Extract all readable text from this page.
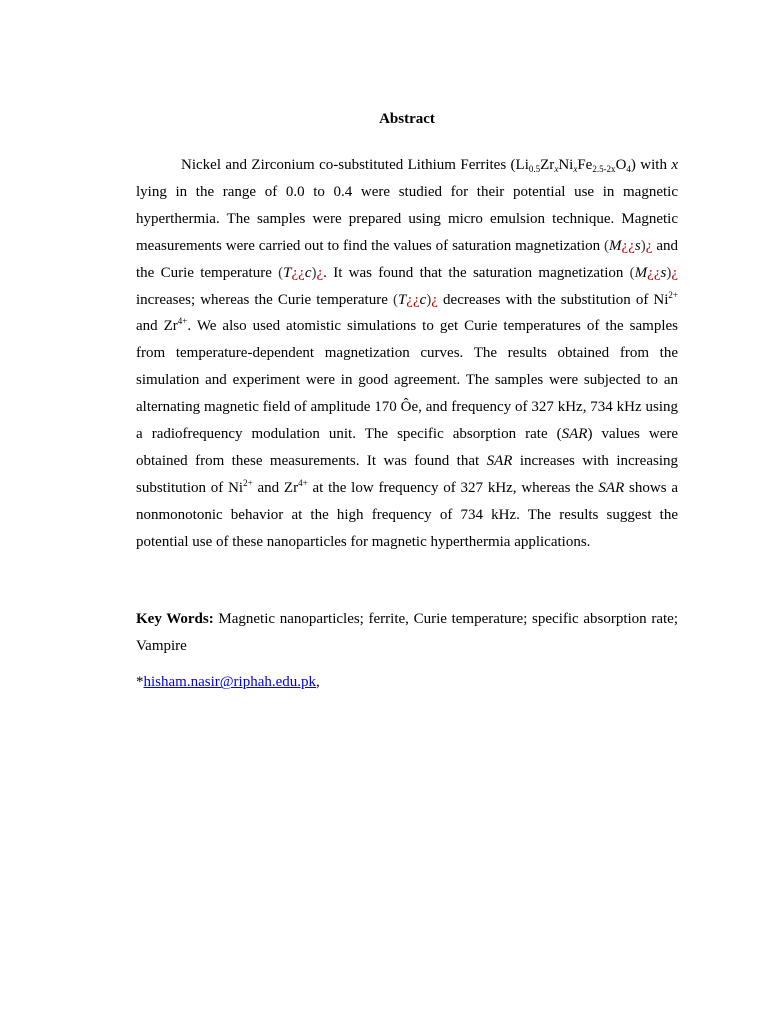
Abstract

Nickel and Zirconium co-substituted Lithium Ferrites $(Li_{0.5}Zr_xNi_xFe_{2.5-2x}O_4)$ with x lying in the range of 0.0 to 0.4 were studied for their potential use in magnetic hyperthermia. The samples were prepared using micro emulsion technique. Magnetic measurements were carried out to find the values of saturation magnetization (M¿¿s)¿ and the Curie temperature (T¿¿c)¿. It was found that the saturation magnetization (M¿¿s)¿ increases; whereas the Curie temperature (T¿¿c)¿ decreases with the substitution of $Ni^{2+}$ and $Zr^{4+}$. We also used atomistic simulations to get Curie temperatures of the samples from temperature-dependent magnetization curves. The results obtained from the simulation and experiment were in good agreement. The samples were subjected to an alternating magnetic field of amplitude 170 Ôe, and frequency of 327 kHz, 734 kHz using a radiofrequency modulation unit. The specific absorption rate (SAR) values were obtained from these measurements. It was found that SAR increases with increasing substitution of $Ni^{2+}$ and $Zr^{4+}$ at the low frequency of 327 kHz, whereas the SAR shows a nonmonotonic behavior at the high frequency of 734 kHz. The results suggest the potential use of these nanoparticles for magnetic hyperthermia applications.

Key Words: Magnetic nanoparticles; ferrite, Curie temperature; specific absorption rate; Vampire

*hisham.nasir@riphah.edu.pk,
